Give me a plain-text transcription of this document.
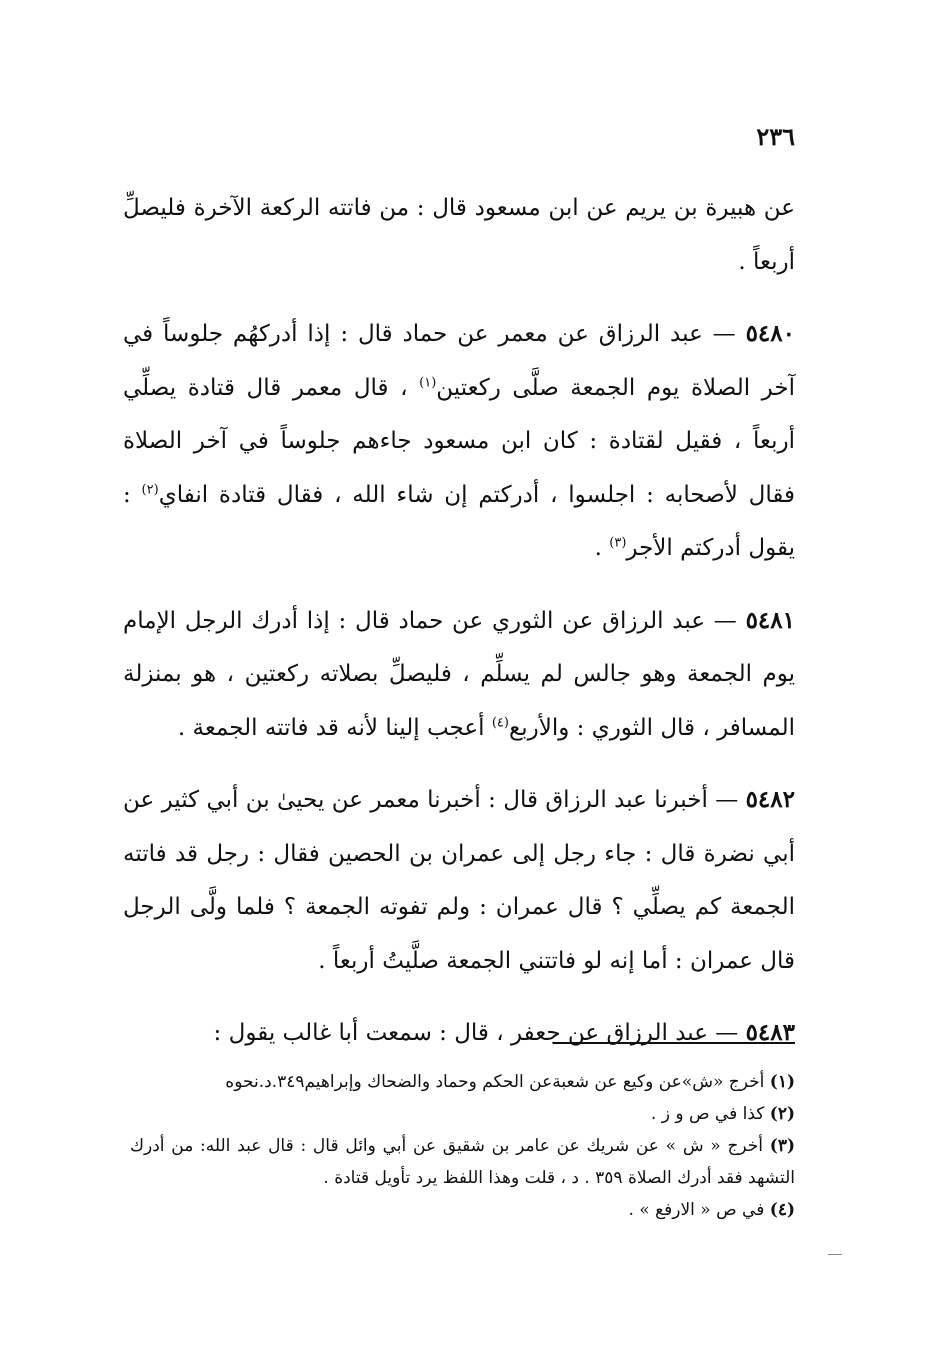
٢٣٦

عن هبيرة بن يريم عن ابن مسعود قال : من فاتته الركعة الآخرة فليصلِّ أربعاً .

٥٤٨٠ — عبد الرزاق عن معمر عن حماد قال : إذا أدركهُم جلوساً في آخر الصلاة يوم الجمعة صلَّى ركعتين$^{(١)}$ ، قال معمر قال قتادة يصلِّي أربعاً ، فقيل لقتادة : كان ابن مسعود جاءهم جلوساً في آخر الصلاة فقال لأصحابه : اجلسوا ، أدركتم إن شاء الله ، فقال قتادة انفاي$^{(٢)}$ : يقول أدركتم الأجر$^{(٣)}$ .

٥٤٨١ — عبد الرزاق عن الثوري عن حماد قال : إذا أدرك الرجل الإمام يوم الجمعة وهو جالس لم يسلِّم ، فليصلِّ بصلاته ركعتين ، هو بمنزلة المسافر ، قال الثوري : والأربع$^{(٤)}$ أعجب إلينا لأنه قد فاتته الجمعة .

٥٤٨٢ — أخبرنا عبد الرزاق قال : أخبرنا معمر عن يحيىٰ بن أبي كثير عن أبي نضرة قال : جاء رجل إلى عمران بن الحصين فقال : رجل قد فاتته الجمعة كم يصلِّي ؟ قال عمران : ولم تفوته الجمعة ؟ فلما ولَّى الرجل قال عمران : أما إنه لو فاتتني الجمعة صلَّيتُ أربعاً .

٥٤٨٣ — عبد الرزاق عن جعفر ، قال : سمعت أبا غالب يقول :

(١) أخرج «ش»عن وكيع عن شعبةعن الحكم وحماد والضحاك وإبراهيم٣٤٩.د.نحوه

(٢) كذا في ص و ز .

(٣) أخرج « ش » عن شريك عن عامر بن شقيق عن أبي وائل قال : قال عبد الله: من أدرك التشهد فقد أدرك الصلاة ٣٥٩ . د ، قلت وهذا اللفظ يرد تأويل قتادة .

(٤) في ص « الارفع » .
